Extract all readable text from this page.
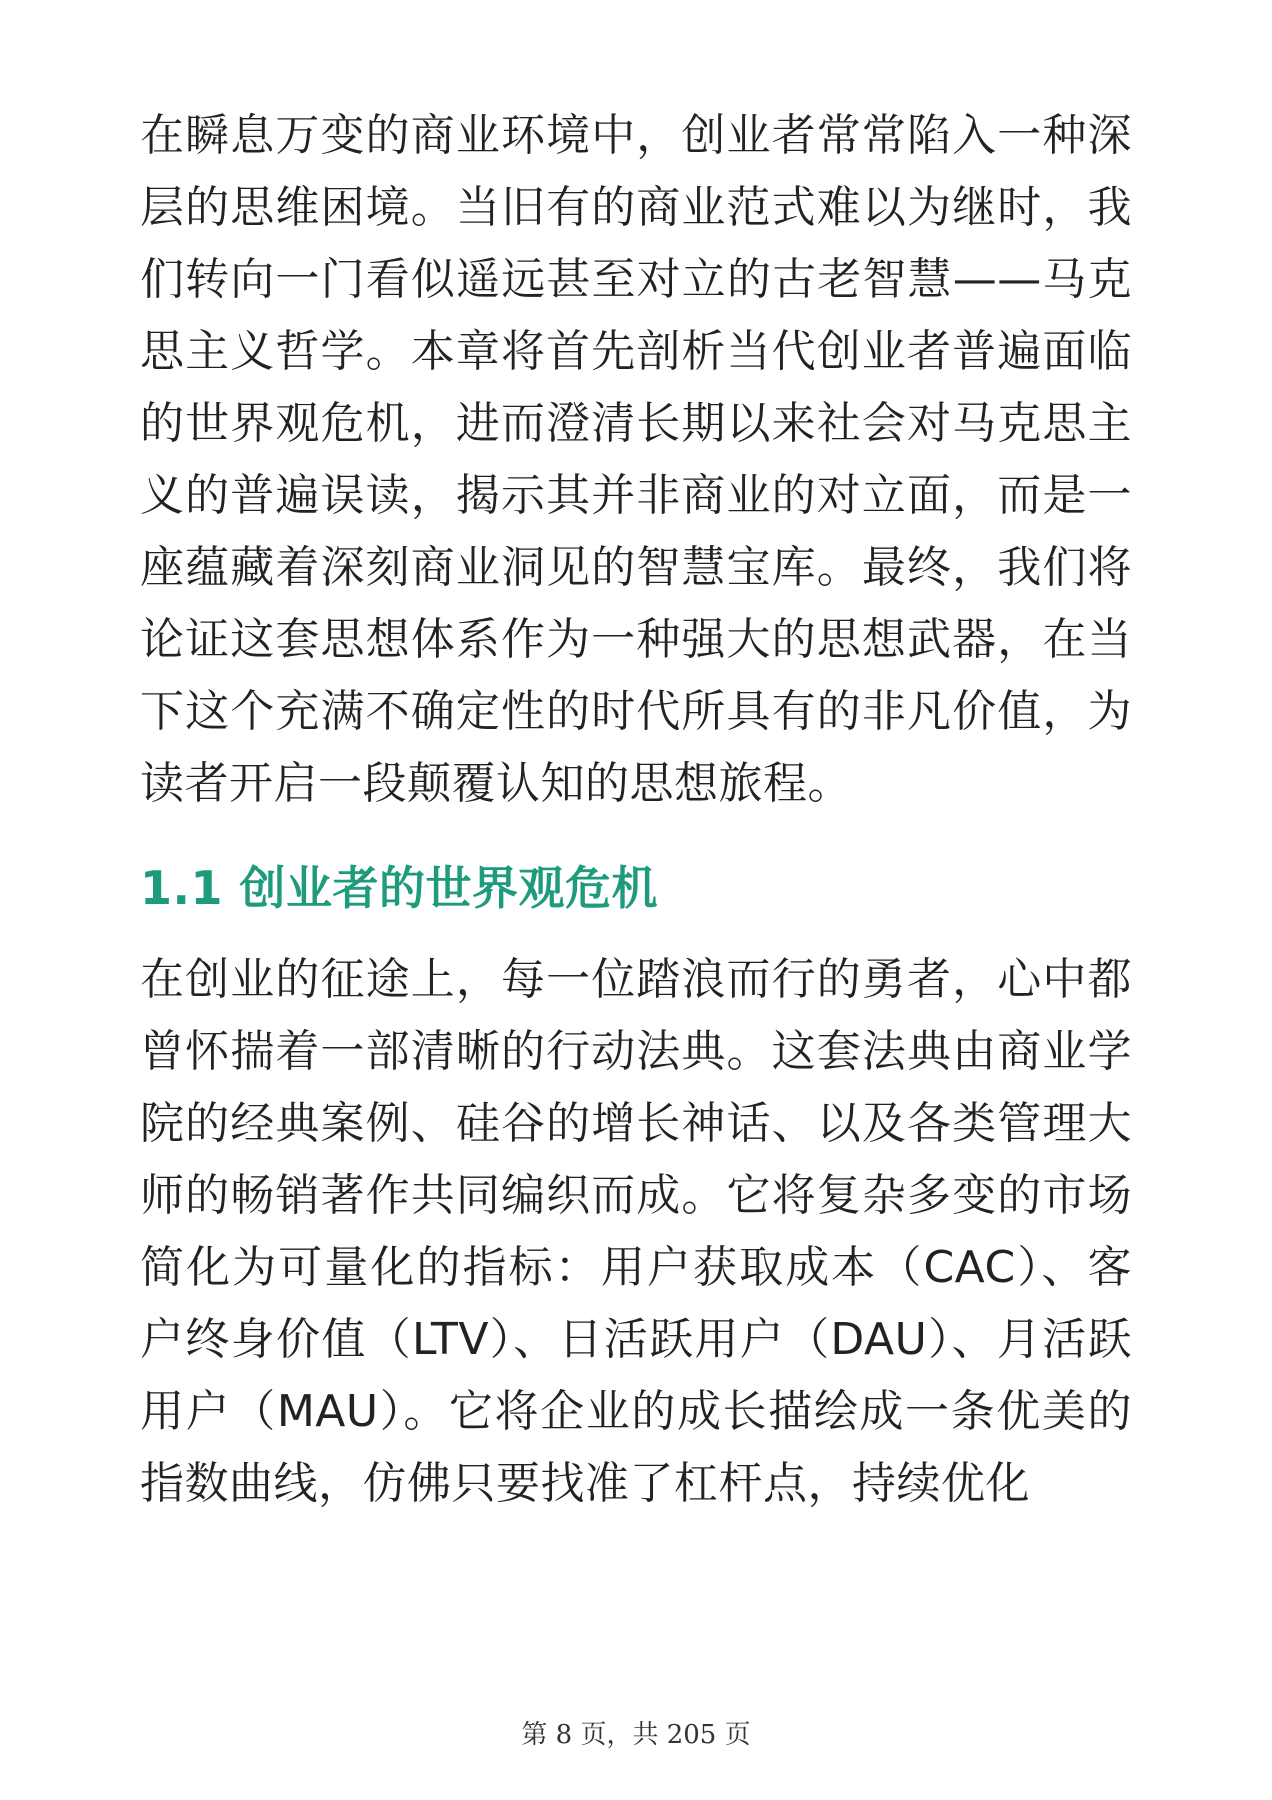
在瞬息万变的商业环境中，创业者常常陷入一种深层的思维困境。当旧有的商业范式难以为继时，我们转向一门看似遥远甚至对立的古老智慧——马克思主义哲学。本章将首先剖析当代创业者普遍面临的世界观危机，进而澄清长期以来社会对马克思主义的普遍误读，揭示其并非商业的对立面，而是一座蕴藏着深刻商业洞见的智慧宝库。最终，我们将论证这套思想体系作为一种强大的思想武器，在当下这个充满不确定性的时代所具有的非凡价值，为读者开启一段颠覆认知的思想旅程。

1.1 创业者的世界观危机

在创业的征途上，每一位踏浪而行的勇者，心中都曾怀揣着一部清晰的行动法典。这套法典由商业学院的经典案例、硅谷的增长神话、以及各类管理大师的畅销著作共同编织而成。它将复杂多变的市场简化为可量化的指标：用户获取成本（CAC）、客户终身价值（LTV）、日活跃用户（DAU）、月活跃用户（MAU）。它将企业的成长描绘成一条优美的指数曲线，仿佛只要找准了杠杆点，持续优化

第 8 页，共 205 页
